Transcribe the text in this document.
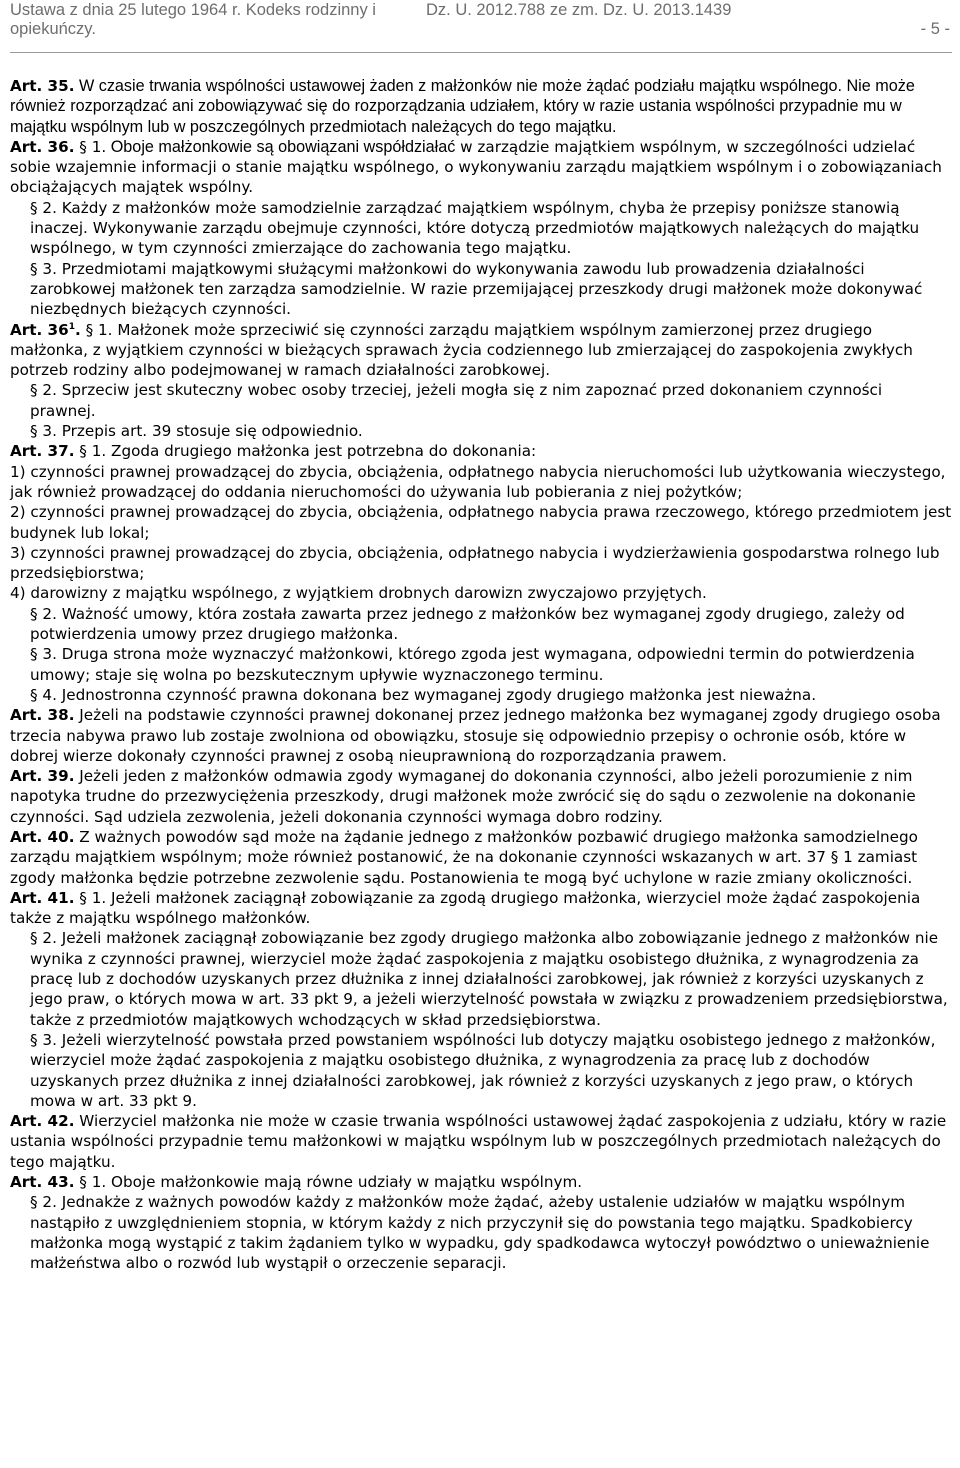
Ustawa z dnia 25 lutego 1964 r. Kodeks rodzinny i opiekuńczy.
Dz. U. 2012.788 ze zm. Dz. U. 2013.1439
- 5 -

Art. 35. W czasie trwania wspólności ustawowej żaden z małżonków nie może żądać podziału majątku wspólnego. Nie może również rozporządzać ani zobowiązywać się do rozporządzania udziałem, który w razie ustania wspólności przypadnie mu w majątku wspólnym lub w poszczególnych przedmiotach należących do tego majątku.

Art. 36. § 1. Oboje małżonkowie są obowiązani współdziałać w zarządzie majątkiem wspólnym, w szczególności udzielać sobie wzajemnie informacji o stanie majątku wspólnego, o wykonywaniu zarządu majątkiem wspólnym i o zobowiązaniach obciążających majątek wspólny.

§ 2. Każdy z małżonków może samodzielnie zarządzać majątkiem wspólnym, chyba że przepisy poniższe stanowią inaczej. Wykonywanie zarządu obejmuje czynności, które dotyczą przedmiotów majątkowych należących do majątku wspólnego, w tym czynności zmierzające do zachowania tego majątku.

§ 3. Przedmiotami majątkowymi służącymi małżonkowi do wykonywania zawodu lub prowadzenia działalności zarobkowej małżonek ten zarządza samodzielnie. W razie przemijającej przeszkody drugi małżonek może dokonywać niezbędnych bieżących czynności.

Art. $36^1$. § 1. Małżonek może sprzeciwić się czynności zarządu majątkiem wspólnym zamierzonej przez drugiego małżonka, z wyjątkiem czynności w bieżących sprawach życia codziennego lub zmierzającej do zaspokojenia zwykłych potrzeb rodziny albo podejmowanej w ramach działalności zarobkowej.

§ 2. Sprzeciw jest skuteczny wobec osoby trzeciej, jeżeli mogła się z nim zapoznać przed dokonaniem czynności prawnej.

§ 3. Przepis art. 39 stosuje się odpowiednio.

Art. 37. § 1. Zgoda drugiego małżonka jest potrzebna do dokonania:

1) czynności prawnej prowadzącej do zbycia, obciążenia, odpłatnego nabycia nieruchomości lub użytkowania wieczystego, jak również prowadzącej do oddania nieruchomości do używania lub pobierania z niej pożytków;

2) czynności prawnej prowadzącej do zbycia, obciążenia, odpłatnego nabycia prawa rzeczowego, którego przedmiotem jest budynek lub lokal;

3) czynności prawnej prowadzącej do zbycia, obciążenia, odpłatnego nabycia i wydzierżawienia gospodarstwa rolnego lub przedsiębiorstwa;

4) darowizny z majątku wspólnego, z wyjątkiem drobnych darowizn zwyczajowo przyjętych.

§ 2. Ważność umowy, która została zawarta przez jednego z małżonków bez wymaganej zgody drugiego, zależy od potwierdzenia umowy przez drugiego małżonka.

§ 3. Druga strona może wyznaczyć małżonkowi, którego zgoda jest wymagana, odpowiedni termin do potwierdzenia umowy; staje się wolna po bezskutecznym upływie wyznaczonego terminu.

§ 4. Jednostronna czynność prawna dokonana bez wymaganej zgody drugiego małżonka jest nieważna.

Art. 38. Jeżeli na podstawie czynności prawnej dokonanej przez jednego małżonka bez wymaganej zgody drugiego osoba trzecia nabywa prawo lub zostaje zwolniona od obowiązku, stosuje się odpowiednio przepisy o ochronie osób, które w dobrej wierze dokonały czynności prawnej z osobą nieuprawnioną do rozporządzania prawem.

Art. 39. Jeżeli jeden z małżonków odmawia zgody wymaganej do dokonania czynności, albo jeżeli porozumienie z nim napotyka trudne do przezwyciężenia przeszkody, drugi małżonek może zwrócić się do sądu o zezwolenie na dokonanie czynności. Sąd udziela zezwolenia, jeżeli dokonania czynności wymaga dobro rodziny.

Art. 40. Z ważnych powodów sąd może na żądanie jednego z małżonków pozbawić drugiego małżonka samodzielnego zarządu majątkiem wspólnym; może również postanowić, że na dokonanie czynności wskazanych w art. 37 § 1 zamiast zgody małżonka będzie potrzebne zezwolenie sądu. Postanowienia te mogą być uchylone w razie zmiany okoliczności.

Art. 41. § 1. Jeżeli małżonek zaciągnął zobowiązanie za zgodą drugiego małżonka, wierzyciel może żądać zaspokojenia także z majątku wspólnego małżonków.

§ 2. Jeżeli małżonek zaciągnął zobowiązanie bez zgody drugiego małżonka albo zobowiązanie jednego z małżonków nie wynika z czynności prawnej, wierzyciel może żądać zaspokojenia z majątku osobistego dłużnika, z wynagrodzenia za pracę lub z dochodów uzyskanych przez dłużnika z innej działalności zarobkowej, jak również z korzyści uzyskanych z jego praw, o których mowa w art. 33 pkt 9, a jeżeli wierzytelność powstała w związku z prowadzeniem przedsiębiorstwa, także z przedmiotów majątkowych wchodzących w skład przedsiębiorstwa.

§ 3. Jeżeli wierzytelność powstała przed powstaniem wspólności lub dotyczy majątku osobistego jednego z małżonków, wierzyciel może żądać zaspokojenia z majątku osobistego dłużnika, z wynagrodzenia za pracę lub z dochodów uzyskanych przez dłużnika z innej działalności zarobkowej, jak również z korzyści uzyskanych z jego praw, o których mowa w art. 33 pkt 9.

Art. 42. Wierzyciel małżonka nie może w czasie trwania wspólności ustawowej żądać zaspokojenia z udziału, który w razie ustania wspólności przypadnie temu małżonkowi w majątku wspólnym lub w poszczególnych przedmiotach należących do tego majątku.

Art. 43. § 1. Oboje małżonkowie mają równe udziały w majątku wspólnym.

§ 2. Jednakże z ważnych powodów każdy z małżonków może żądać, ażeby ustalenie udziałów w majątku wspólnym nastąpiło z uwzględnieniem stopnia, w którym każdy z nich przyczynił się do powstania tego majątku. Spadkobiercy małżonka mogą wystąpić z takim żądaniem tylko w wypadku, gdy spadkodawca wytoczył powództwo o unieważnienie małżeństwa albo o rozwód lub wystąpił o orzeczenie separacji.
